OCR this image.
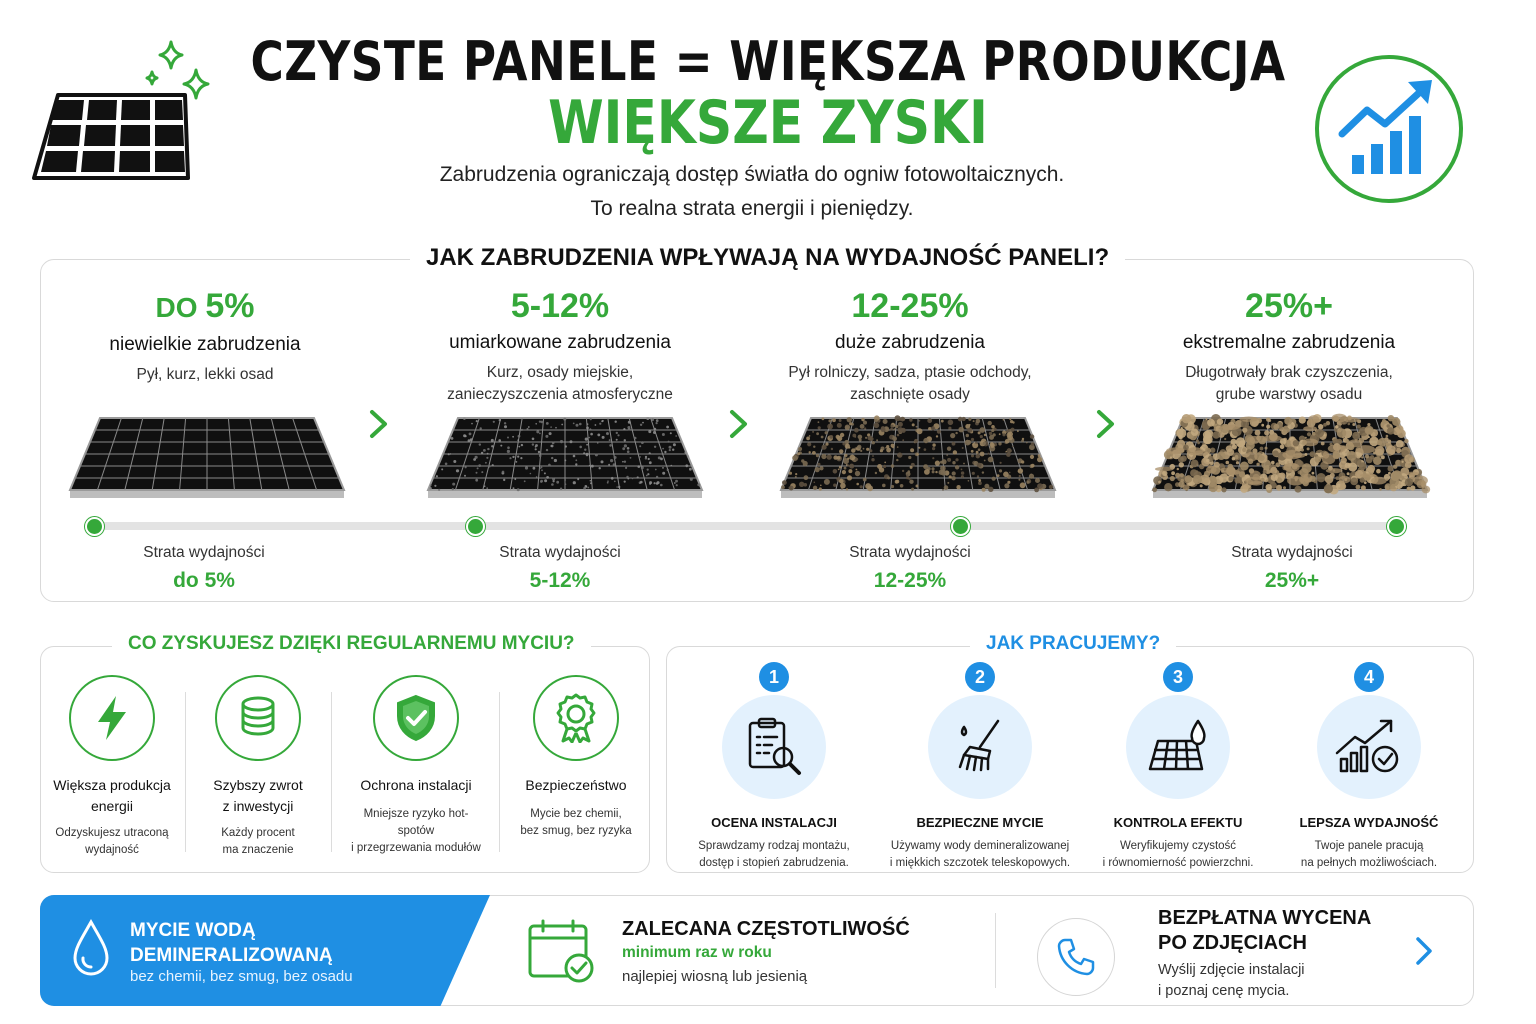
CZYSTE PANELE = WIĘKSZA PRODUKCJA
WIĘKSZE ZYSKI
Zabrudzenia ograniczają dostęp światła do ogniw fotowoltaicznych.
To realna strata energii i pieniędzy.
JAK ZABRUDZENIA WPŁYWAJĄ NA WYDAJNOŚĆ PANELI?
DO 5%
niewielkie zabrudzenia
Pył, kurz, lekki osad
5-12%
umiarkowane zabrudzenia
Kurz, osady miejskie,
zanieczyszczenia atmosferyczne
12-25%
duże zabrudzenia
Pył rolniczy, sadza, ptasie odchody,
zaschnięte osady
25%+
ekstremalne zabrudzenia
Długotrwały brak czyszczenia,
grube warstwy osadu
Strata wydajności
do 5%
Strata wydajności
5-12%
Strata wydajności
12-25%
Strata wydajności
25%+
CO ZYSKUJESZ DZIĘKI REGULARNEMU MYCIU?
Większa produkcja
energii
Odzyskujesz utraconą
wydajność
Szybszy zwrot
z inwestycji
Każdy procent
ma znaczenie
Ochrona instalacji
Mniejsze ryzyko hot-spotów
i przegrzewania modułów
Bezpieczeństwo
Mycie bez chemii,
bez smug, bez ryzyka
JAK PRACUJEMY?
1
OCENA INSTALACJI
Sprawdzamy rodzaj montażu,
dostęp i stopień zabrudzenia.
2
BEZPIECZNE MYCIE
Używamy wody demineralizowanej
i miękkich szczotek teleskopowych.
3
KONTROLA EFEKTU
Weryfikujemy czystość
i równomierność powierzchni.
4
LEPSZA WYDAJNOŚĆ
Twoje panele pracują
na pełnych możliwościach.
MYCIE WODĄ
DEMINERALIZOWANĄ
bez chemii, bez smug, bez osadu
ZALECANA CZĘSTOTLIWOŚĆ
minimum raz w roku
najlepiej wiosną lub jesienią
BEZPŁATNA WYCENA
PO ZDJĘCIACH
Wyślij zdjęcie instalacji
i poznaj cenę mycia.
